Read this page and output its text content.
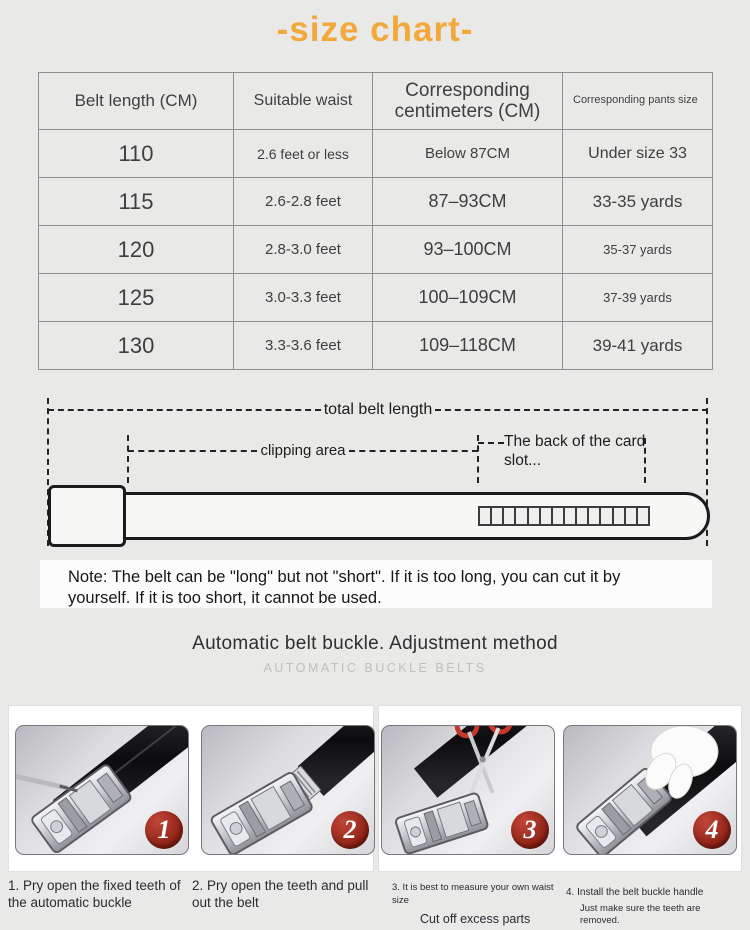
-size chart-
Belt length (CM)	Suitable waist	Corresponding centimeters (CM)	Corresponding pants size
110	2.6 feet or less	Below 87CM	Under size 33
115	2.6-2.8 feet	87–93CM	33-35 yards
120	2.8-3.0 feet	93–100CM	35-37 yards
125	3.0-3.3 feet	100–109CM	37-39 yards
130	3.3-3.6 feet	109–118CM	39-41 yards
total belt length
clipping area
The back of the card slot...
Note: The belt can be "long" but not "short". If it is too long, you can cut it by yourself. If it is too short, it cannot be used.
Automatic belt buckle. Adjustment method
AUTOMATIC BUCKLE BELTS
1	2	3	4
1. Pry open the fixed teeth of the automatic buckle
2. Pry open the teeth and pull out the belt
3. It is best to measure your own waist size
Cut off excess parts
4. Install the belt buckle handle
Just make sure the teeth are removed.
